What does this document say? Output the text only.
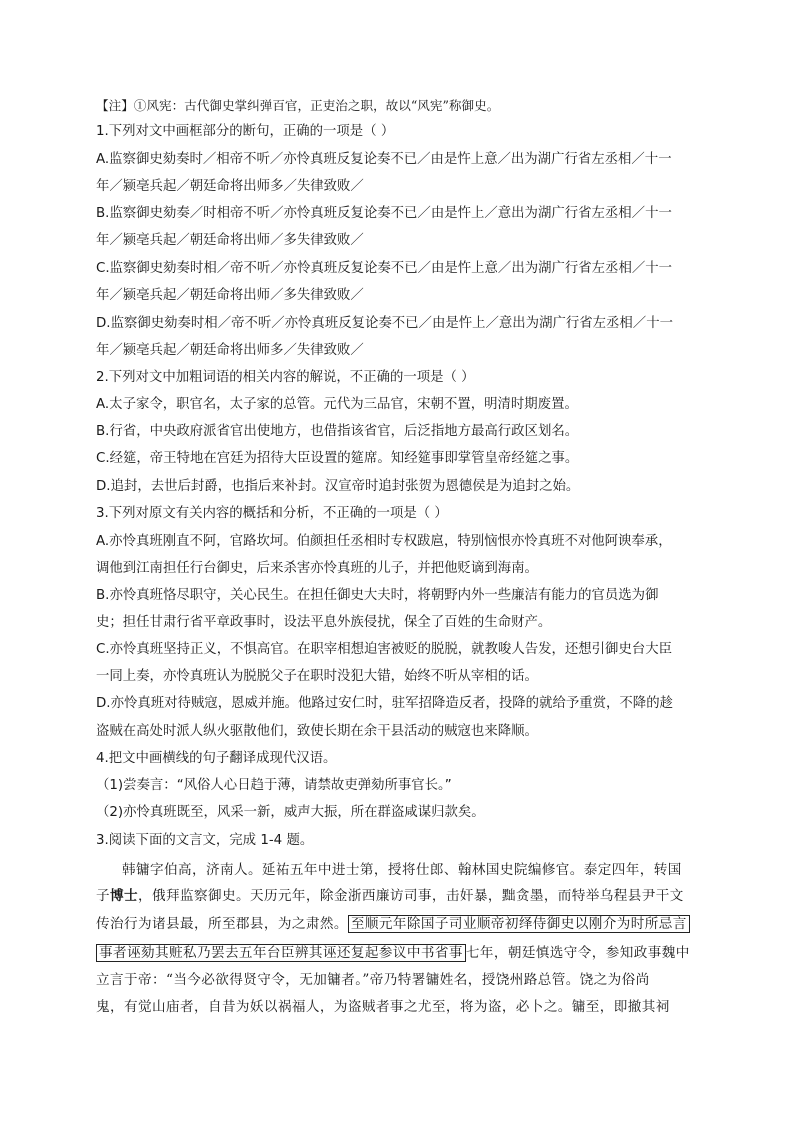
【注】①风宪：古代御史掌纠弹百官，正吏治之职，故以“风宪”称御史。
1.下列对文中画框部分的断句，正确的一项是（ ）
A.监察御史劾奏时／相帝不听／亦怜真班反复论奏不已／由是忤上意／出为湖广行省左丞相／十一
年／颍亳兵起／朝廷命将出师多／失律致败／
B.监察御史劾奏／时相帝不听／亦怜真班反复论奏不已／由是忤上／意出为湖广行省左丞相／十一
年／颍亳兵起／朝廷命将出师／多失律致败／
C.监察御史劾奏时相／帝不听／亦怜真班反复论奏不已／由是忤上意／出为湖广行省左丞相／十一
年／颍亳兵起／朝廷命将出师／多失律致败／
D.监察御史劾奏时相／帝不听／亦怜真班反复论奏不已／由是忤上／意出为湖广行省左丞相／十一
年／颍亳兵起／朝廷命将出师多／失律致败／
2.下列对文中加粗词语的相关内容的解说，不正确的一项是（ ）
A.太子家令，职官名，太子家的总管。元代为三品官，宋朝不置，明清时期废置。
B.行省，中央政府派省官出使地方，也借指该省官，后泛指地方最高行政区划名。
C.经筵，帝王特地在宫廷为招待大臣设置的筵席。知经筵事即掌管皇帝经筵之事。
D.追封，去世后封爵，也指后来补封。汉宣帝时追封张贺为恩德侯是为追封之始。
3.下列对原文有关内容的概括和分析，不正确的一项是（ ）
A.亦怜真班刚直不阿，官路坎坷。伯颜担任丞相时专权跋扈，特别恼恨亦怜真班不对他阿谀奉承，
调他到江南担任行台御史，后来杀害亦怜真班的儿子，并把他贬谪到海南。
B.亦怜真班恪尽职守，关心民生。在担任御史大夫时，将朝野内外一些廉洁有能力的官员选为御
史；担任甘肃行省平章政事时，设法平息外族侵扰，保全了百姓的生命财产。
C.亦怜真班坚持正义，不惧高官。在职宰相想迫害被贬的脱脱，就教唆人告发，还想引御史台大臣
一同上奏，亦怜真班认为脱脱父子在职时没犯大错，始终不听从宰相的话。
D.亦怜真班对待贼寇，恩威并施。他路过安仁时，驻军招降造反者，投降的就给予重赏，不降的趁
盗贼在高处时派人纵火驱散他们，致使长期在余干县活动的贼寇也来降顺。
4.把文中画横线的句子翻译成现代汉语。
（1)尝奏言：“风俗人心日趋于薄，请禁故吏弹劾所事官长。”
（2)亦怜真班既至，风采一新，威声大振，所在群盗咸谋归款矣。
3.阅读下面的文言文，完成 1-4 题。
韩镛字伯高，济南人。延祐五年中进士第，授将仕郎、翰林国史院编修官。泰定四年，转国
子博士，俄拜监察御史。天历元年，除金浙西廉访司事，击奸暴，黜贪墨，而特举乌程县尹干文
传治行为诸县最，所至郡县，为之肃然。 至顺元年除国子司业顺帝初绎侍御史以刚介为时所忌言
事者诬劾其赃私乃罢去五年台臣辨其诬还复起参议中书省事 七年，朝廷慎选守令，参知政事魏中
立言于帝：“当今必欲得贤守令，无加镛者。”帝乃特署镛姓名，授饶州路总管。饶之为俗尚
鬼，有觉山庙者，自昔为妖以祸福人，为盗贼者事之尤至，将为盗，必卜之。镛至，即撤其祠
